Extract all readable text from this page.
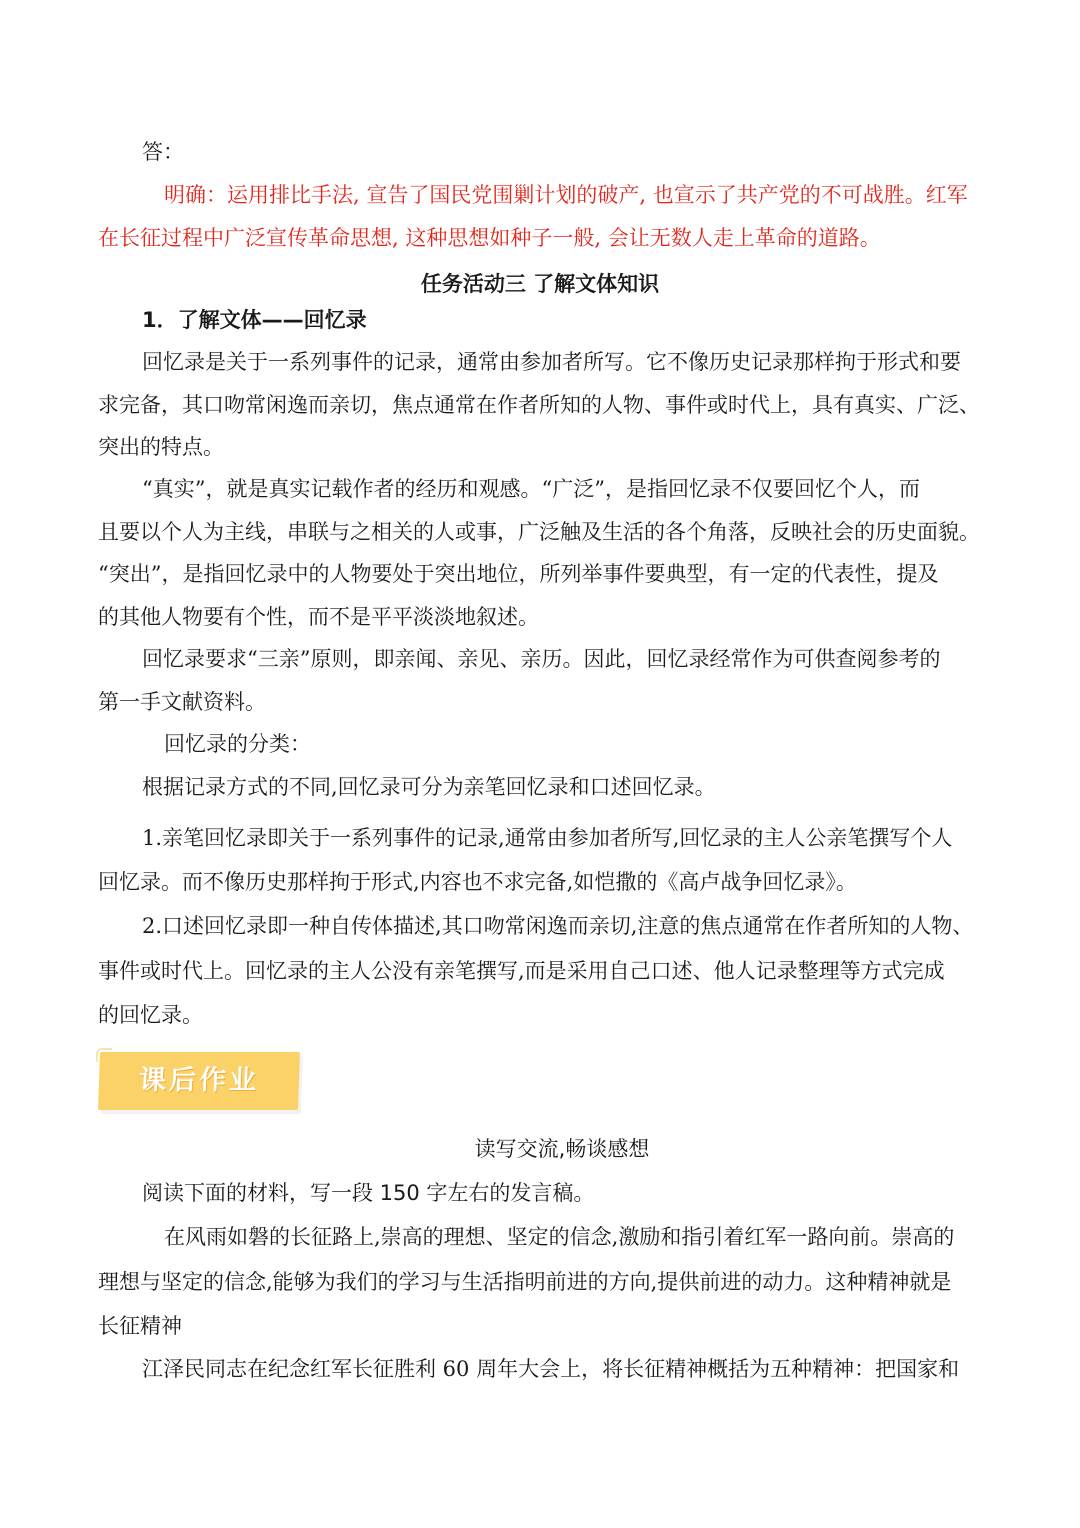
答：

明确：运用排比手法, 宣告了国民党围剿计划的破产, 也宣示了共产党的不可战胜。红军

在长征过程中广泛宣传革命思想, 这种思想如种子一般, 会让无数人走上革命的道路。

任务活动三 了解文体知识

1．了解文体——回忆录

回忆录是关于一系列事件的记录，通常由参加者所写。它不像历史记录那样拘于形式和要

求完备，其口吻常闲逸而亲切，焦点通常在作者所知的人物、事件或时代上，具有真实、广泛、

突出的特点。

“真实”，就是真实记载作者的经历和观感。“广泛”，是指回忆录不仅要回忆个人，而

且要以个人为主线，串联与之相关的人或事，广泛触及生活的各个角落，反映社会的历史面貌。

“突出”，是指回忆录中的人物要处于突出地位，所列举事件要典型，有一定的代表性，提及

的其他人物要有个性，而不是平平淡淡地叙述。

回忆录要求“三亲”原则，即亲闻、亲见、亲历。因此，回忆录经常作为可供查阅参考的

第一手文献资料。

回忆录的分类：

根据记录方式的不同,回忆录可分为亲笔回忆录和口述回忆录。

1.亲笔回忆录即关于一系列事件的记录,通常由参加者所写,回忆录的主人公亲笔撰写个人

回忆录。而不像历史那样拘于形式,内容也不求完备,如恺撒的《高卢战争回忆录》。

2.口述回忆录即一种自传体描述,其口吻常闲逸而亲切,注意的焦点通常在作者所知的人物、

事件或时代上。回忆录的主人公没有亲笔撰写,而是采用自己口述、他人记录整理等方式完成

的回忆录。

课后作业

读写交流,畅谈感想

阅读下面的材料，写一段 150 字左右的发言稿。

在风雨如磐的长征路上,崇高的理想、坚定的信念,激励和指引着红军一路向前。崇高的

理想与坚定的信念,能够为我们的学习与生活指明前进的方向,提供前进的动力。这种精神就是

长征精神

江泽民同志在纪念红军长征胜利 60 周年大会上，将长征精神概括为五种精神：把国家和
